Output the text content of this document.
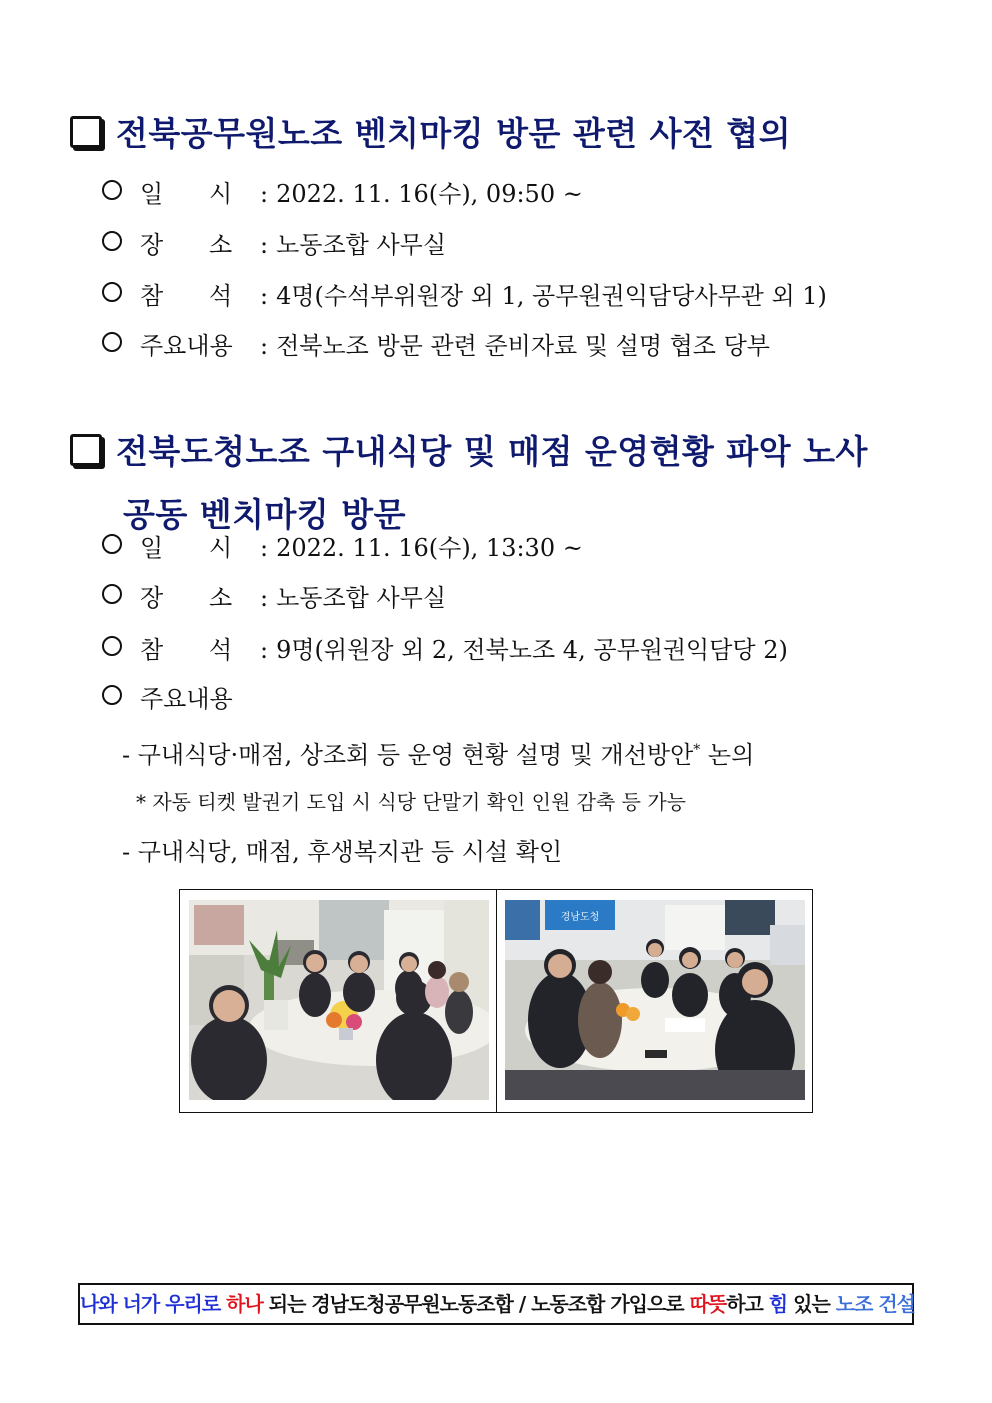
전북공무원노조 벤치마킹 방문 관련 사전 협의
일      시 : 2022. 11. 16(수), 09:50 ~
장      소 : 노동조합 사무실
참      석 : 4명(수석부위원장 외 1, 공무원권익담당사무관 외 1)
주요내용 : 전북노조 방문 관련 준비자료 및 설명 협조 당부
전북도청노조 구내식당 및 매점 운영현황 파악 노사
공동 벤치마킹 방문
일      시 : 2022. 11. 16(수), 13:30 ~
장      소 : 노동조합 사무실
참      석 : 9명(위원장 외 2, 전북노조 4, 공무원권익담당 2)
주요내용
- 구내식당·매점, 상조회 등 운영 현황 설명 및 개선방안* 논의
* 자동 티켓 발권기 도입 시 식당 단말기 확인 인원 감축 등 가능
- 구내식당, 매점, 후생복지관 등 시설 확인
경남도청
나와 너가 우리로 하나 되는 경남도청공무원노동조합 / 노동조합 가입으로 따뜻하고 힘 있는 노조 건설
